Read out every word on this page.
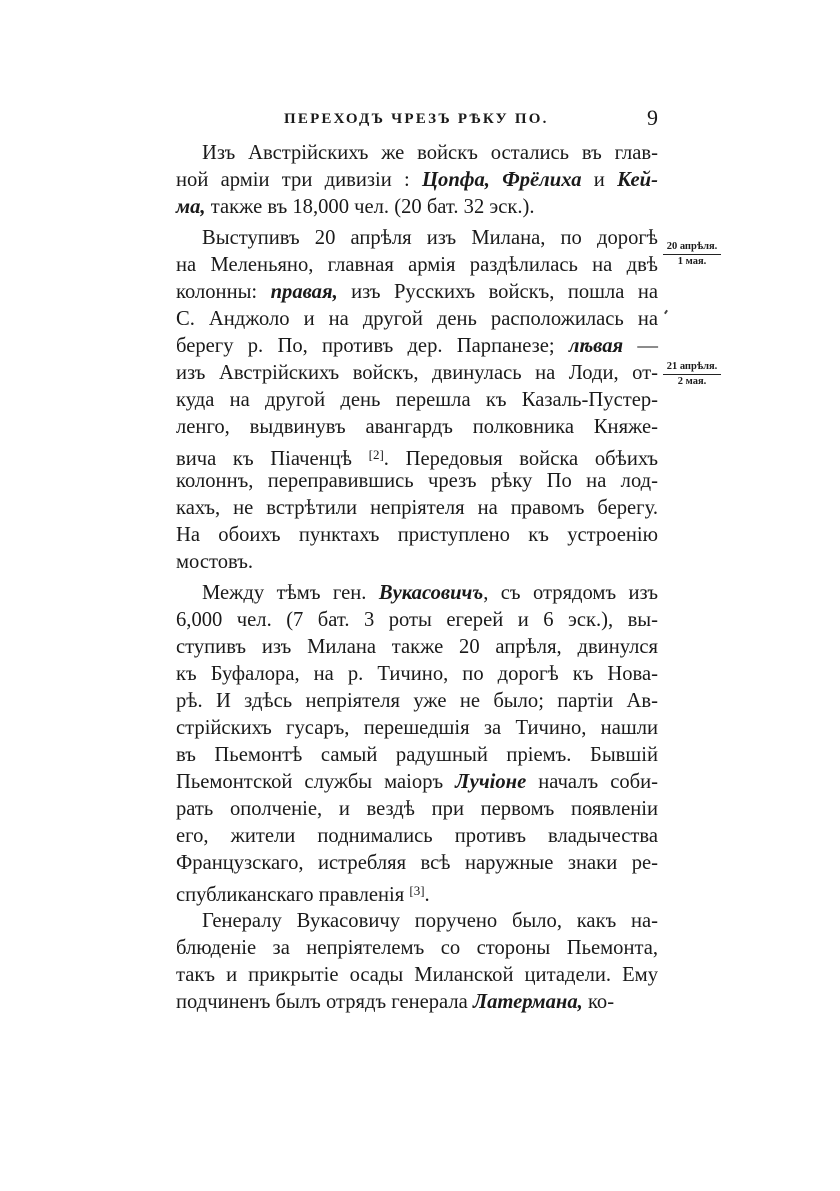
ПЕРЕХОДЪ ЧРЕЗЪ РѢКУ ПО.	9
20 апрѣля.
1 мая.
21 апрѣля.
2 мая.
Изъ Австрійскихъ же войскъ остались въ глав-
ной арміи три дивизіи : Цопфа, Фрёлиха и Кей-
ма, также въ 18,000 чел. (20 бат. 32 эск.).
Выступивъ 20 апрѣля изъ Милана, по дорогѣ
на Меленьяно, главная армія раздѣлилась на двѣ
колонны: правая, изъ Русскихъ войскъ, пошла на
С. Анджоло и на другой день расположилась на
берегу р. По, противъ дер. Парпанезе; лѣвая —
изъ Австрійскихъ войскъ, двинулась на Лоди, от-
куда на другой день перешла къ Казаль-Пустер-
ленго, выдвинувъ авангардъ полковника Княже-
вича къ Піаченцѣ [2]. Передовыя войска обѣихъ
колоннъ, переправившись чрезъ рѣку По на лод-
кахъ, не встрѣтили непріятеля на правомъ берегу.
На обоихъ пунктахъ приступлено къ устроенію
мостовъ.
Между тѣмъ ген. Вукасовичъ, съ отрядомъ изъ
6,000 чел. (7 бат. 3 роты егерей и 6 эск.), вы-
ступивъ изъ Милана также 20 апрѣля, двинулся
къ Буфалора, на р. Тичино, по дорогѣ къ Нова-
рѣ. И здѣсь непріятеля уже не было; партіи Ав-
стрійскихъ гусаръ, перешедшія за Тичино, нашли
въ Пьемонтѣ самый радушный пріемъ. Бывшій
Пьемонтской службы маіоръ Лучіоне началъ соби-
рать ополченіе, и вездѣ при первомъ появленіи
его, жители поднимались противъ владычества
Французскаго, истребляя всѣ наружные знаки ре-
спубликанскаго правленія [3].
Генералу Вукасовичу поручено было, какъ на-
блюденіе за непріятелемъ со стороны Пьемонта,
такъ и прикрытіе осады Миланской цитадели. Ему
подчиненъ былъ отрядъ генерала Латермана, ко-
